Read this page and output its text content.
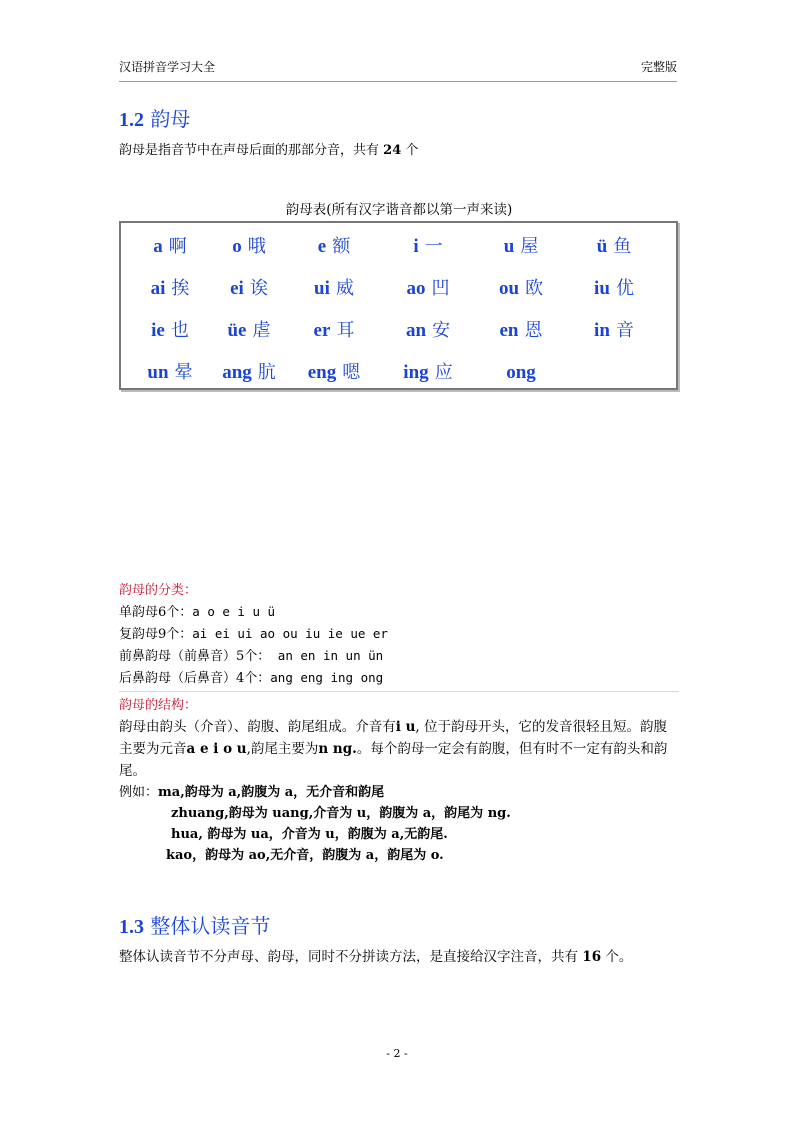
汉语拼音学习大全	完整版
1.2 韵母
韵母是指音节中在声母后面的那部分音，共有 24 个
韵母表(所有汉字谐音都以第一声来读)
a 啊	o 哦	e 额	i 一	u 屋	ü 鱼
ai 挨	ei 诶	ui 威	ao 凹	ou 欧	iu 优
ie 也	üe 虐	er 耳	an 安	en 恩	in 音
un 晕	ang 肮	eng 嗯	ing 应	ong
韵母的分类：
单韵母6个：a o e i u ü
复韵母9个：ai ei ui ao ou iu ie ue er
前鼻韵母（前鼻音）5个： an en in un ün
后鼻韵母（后鼻音）4个：ang eng ing ong
韵母的结构：
韵母由韵头（介音）、韵腹、韵尾组成。介音有i u, 位于韵母开头，它的发音很轻且短。韵腹主要为元音a e i o u,韵尾主要为n ng.。每个韵母一定会有韵腹，但有时不一定有韵头和韵尾。
例如：ma,韵母为 a,韵腹为 a，无介音和韵尾
zhuang,韵母为 uang,介音为 u，韵腹为 a，韵尾为 ng.
hua, 韵母为 ua，介音为 u，韵腹为 a,无韵尾.
kao，韵母为 ao,无介音，韵腹为 a，韵尾为 o.
1.3 整体认读音节
整体认读音节不分声母、韵母，同时不分拼读方法，是直接给汉字注音，共有 16 个。
- 2 -
